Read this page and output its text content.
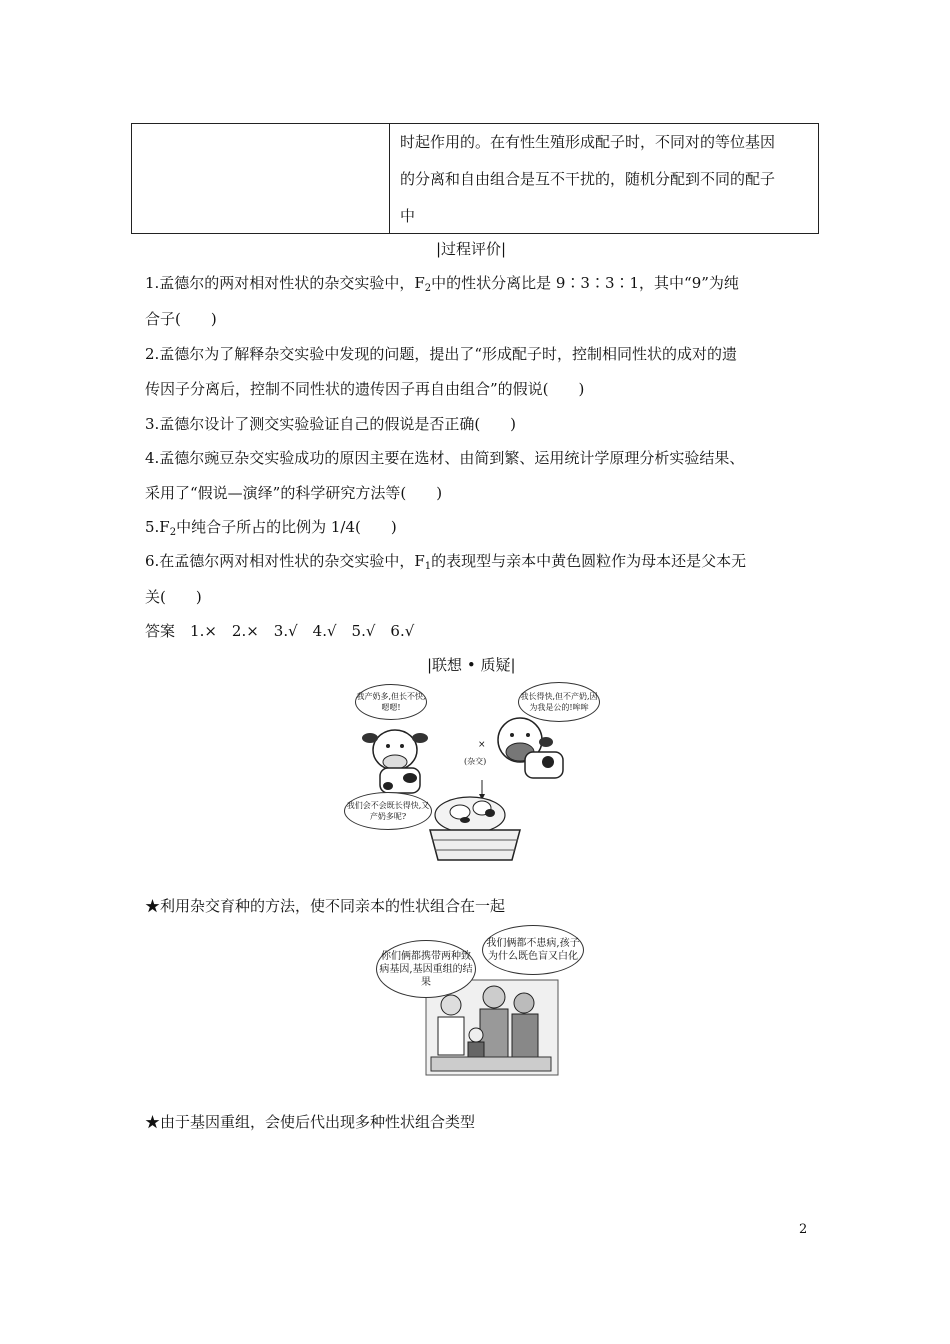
时起作用的。在有性生殖形成配子时，不同对的等位基因
的分离和自由组合是互不干扰的，随机分配到不同的配子
中
|过程评价|
1.孟德尔的两对相对性状的杂交实验中，$F_2$中的性状分离比是 9∶3∶3∶1，其中“9”为纯
合子(　　)
2.孟德尔为了解释杂交实验中发现的问题，提出了“形成配子时，控制相同性状的成对的遗
传因子分离后，控制不同性状的遗传因子再自由组合”的假说(　　)
3.孟德尔设计了测交实验验证自己的假说是否正确(　　)
4.孟德尔豌豆杂交实验成功的原因主要在选材、由简到繁、运用统计学原理分析实验结果、
采用了“假说—演绎”的科学研究方法等(　　)
$5.F_2$中纯合子所占的比例为 1/4(　　)
6.在孟德尔两对相对性状的杂交实验中，$F_1$的表现型与亲本中黄色圆粒作为母本还是父本无
关(　　)
答案　 1.×　2.×　3.√　4.√　5.√　6.√
|联想 • 质疑|
我产奶多,但长不快,嗯嗯!
我长得快,但不产奶,因为我是公的!哞哞
×
(杂交)
我们会不会既长得快,又产奶多呢?
★利用杂交育种的方法，使不同亲本的性状组合在一起
你们俩都携带两种致病基因,基因重组的结果
我们俩都不患病,孩子为什么既色盲又白化
★由于基因重组，会使后代出现多种性状组合类型
2
